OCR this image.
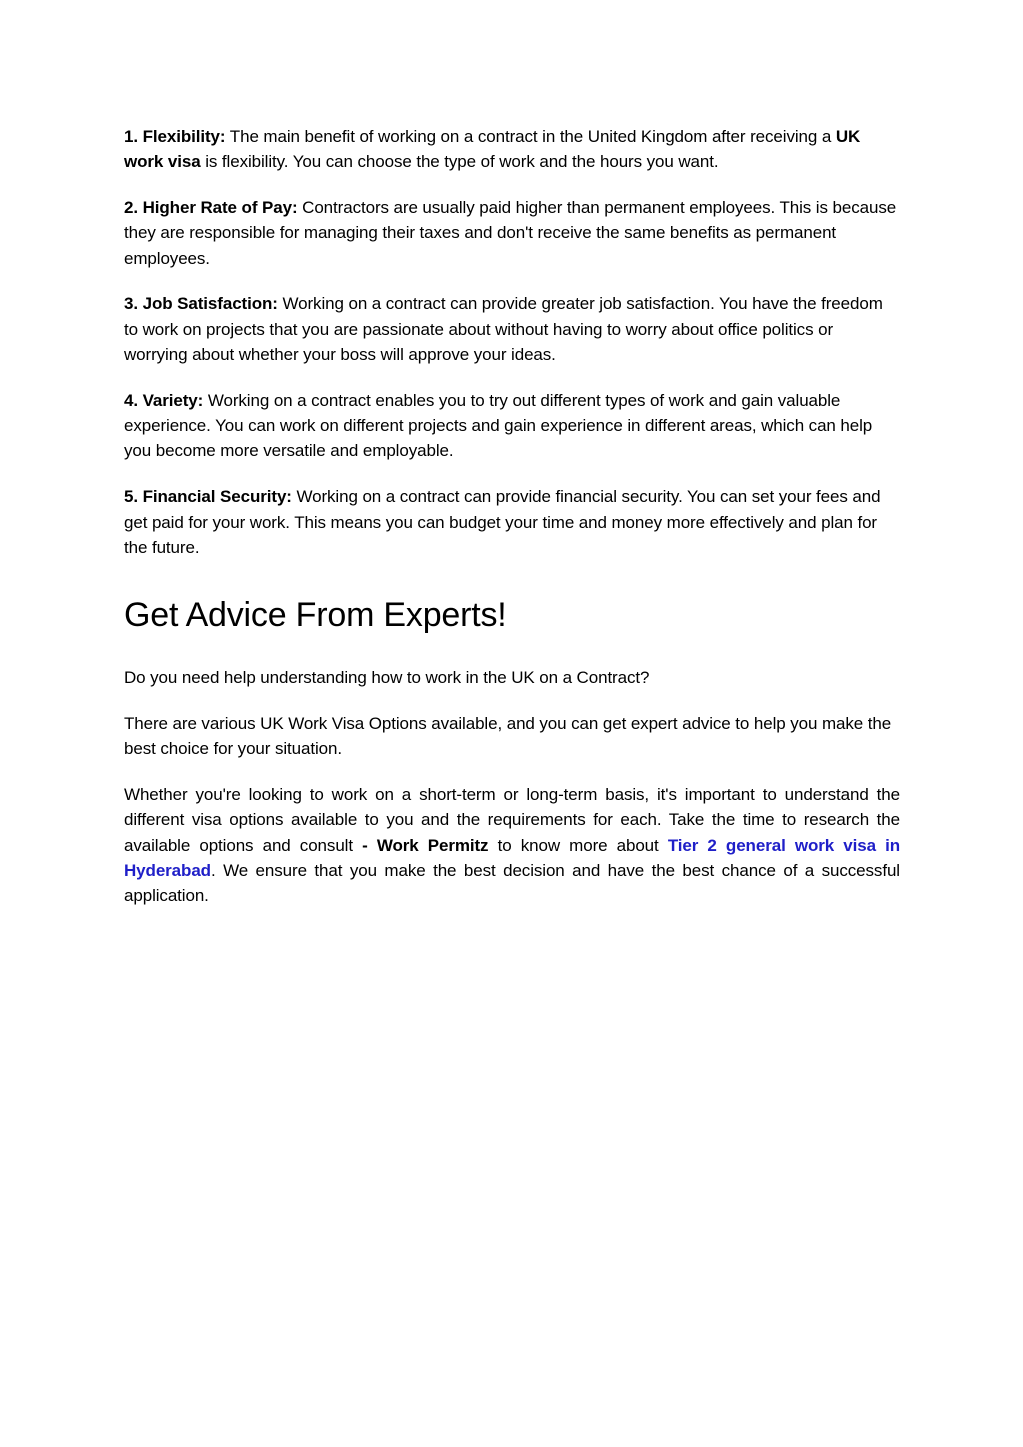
1. Flexibility: The main benefit of working on a contract in the United Kingdom after receiving a UK work visa is flexibility. You can choose the type of work and the hours you want.

2. Higher Rate of Pay: Contractors are usually paid higher than permanent employees. This is because they are responsible for managing their taxes and don't receive the same benefits as permanent employees.

3. Job Satisfaction: Working on a contract can provide greater job satisfaction. You have the freedom to work on projects that you are passionate about without having to worry about office politics or worrying about whether your boss will approve your ideas.

4. Variety: Working on a contract enables you to try out different types of work and gain valuable experience. You can work on different projects and gain experience in different areas, which can help you become more versatile and employable.

5. Financial Security: Working on a contract can provide financial security. You can set your fees and get paid for your work. This means you can budget your time and money more effectively and plan for the future.

Get Advice From Experts!

Do you need help understanding how to work in the UK on a Contract?

There are various UK Work Visa Options available, and you can get expert advice to help you make the best choice for your situation.

Whether you're looking to work on a short-term or long-term basis, it's important to understand the different visa options available to you and the requirements for each. Take the time to research the available options and consult - Work Permitz to know more about Tier 2 general work visa in Hyderabad. We ensure that you make the best decision and have the best chance of a successful application.
